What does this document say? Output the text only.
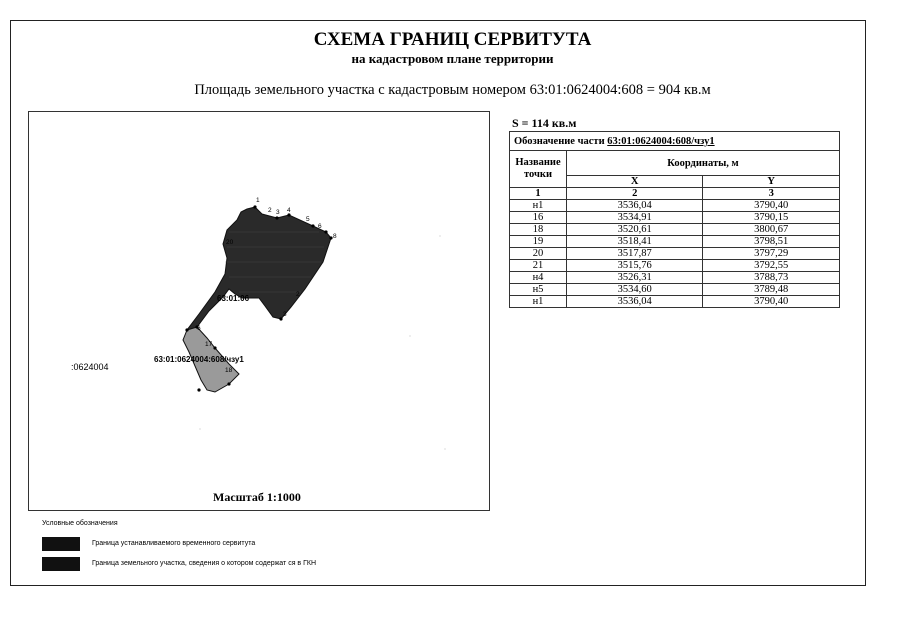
СХЕМА ГРАНИЦ СЕРВИТУТА
на кадастровом плане территории
Площадь земельного участка с кадастровым номером 63:01:0624004:608 = 904 кв.м
1
2 3 4
5
6
8
20
2
3
6
17
18
63:01:06
63:01:0624004:608/чзу1
:0624004
Масштаб 1:1000
S = 114 кв.м
Обозначение части 63:01:0624004:608/чзу1		
Название точки	Координаты, м	
	X	Y
1	2	3
н1	3536,04	3790,40
16	3534,91	3790,15
18	3520,61	3800,67
19	3518,41	3798,51
20	3517,87	3797,29
21	3515,76	3792,55
н4	3526,31	3788,73
н5	3534,60	3789,48
н1	3536,04	3790,40
Условные обозначения
Граница устанавливаемого временного сервитута
Граница земельного участка, сведения о котором содержат ся в ГКН
